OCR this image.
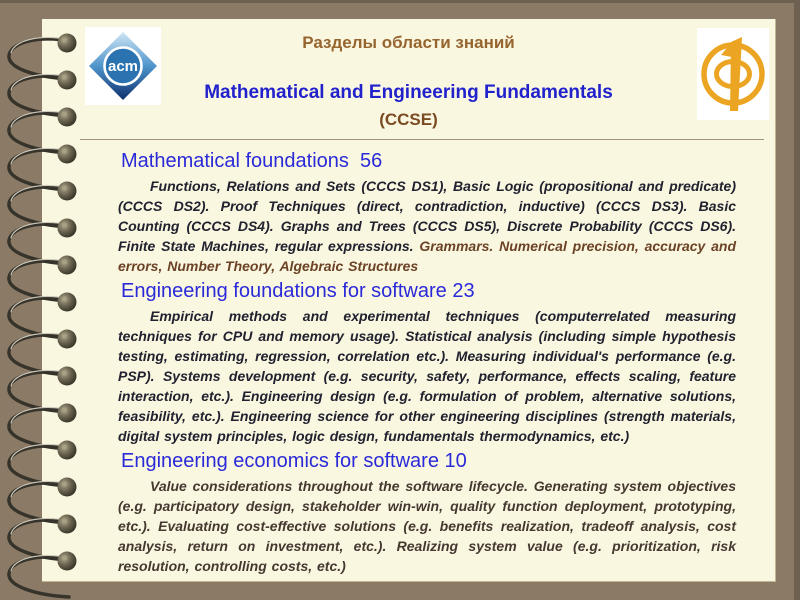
acm
Разделы области знаний
Mathematical and Engineering Fundamentals
(CCSE)
Mathematical foundations  56

Functions, Relations and Sets (CCCS DS1), Basic Logic (propositional and predicate) (CCCS DS2). Proof Techniques (direct, contradiction, inductive) (CCCS DS3). Basic Counting (CCCS DS4). Graphs and Trees (CCCS DS5), Discrete Probability (CCCS DS6). Finite State Machines, regular expressions. Grammars. Numerical precision, accuracy and errors, Number Theory, Algebraic Structures

Engineering foundations for software 23

Empirical methods and experimental techniques (computerrelated measuring techniques for CPU and memory usage). Statistical analysis (including simple hypothesis testing, estimating, regression, correlation etc.). Measuring individual's performance (e.g. PSP). Systems development (e.g. security, safety, performance, effects scaling, feature interaction, etc.). Engineering design (e.g. formulation of problem, alternative solutions, feasibility, etc.). Engineering science for other engineering disciplines (strength materials, digital system principles, logic design, fundamentals thermodynamics, etc.)

Engineering economics for software 10

Value considerations throughout the software lifecycle. Generating system objectives (e.g. participatory design, stakeholder win-win, quality function deployment, prototyping, etc.). Evaluating cost-effective solutions (e.g. benefits realization, tradeoff analysis, cost analysis, return on investment, etc.). Realizing system value (e.g. prioritization, risk resolution, controlling costs, etc.)
